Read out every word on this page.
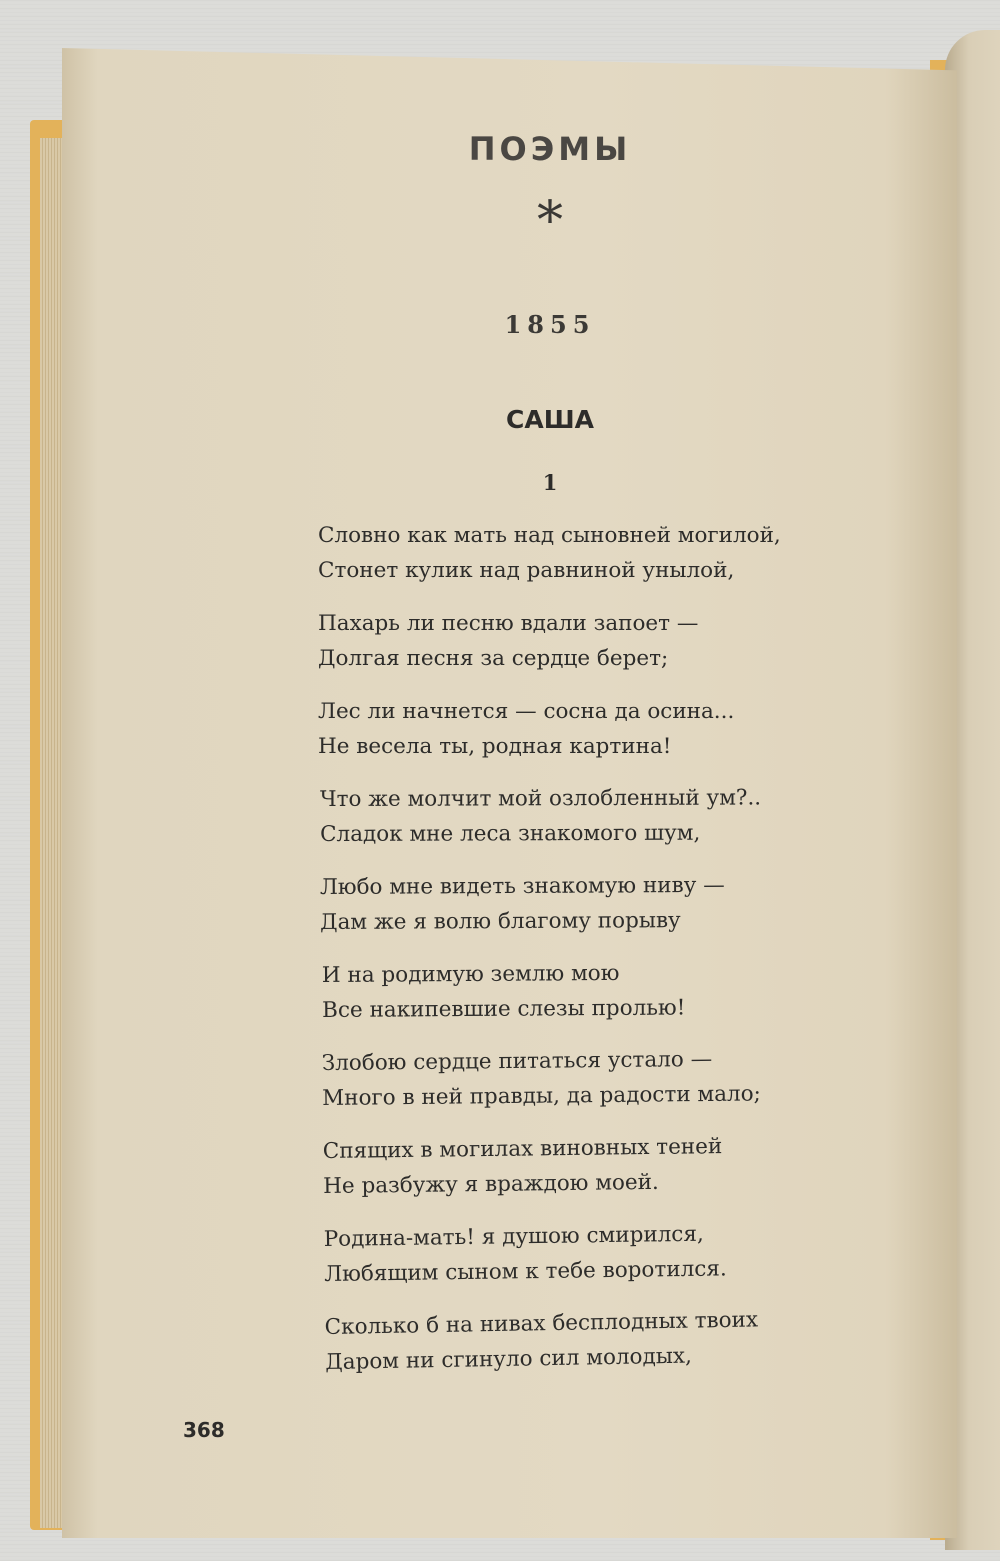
ПОЭМЫ
*
1855
САША
1
Словно как мать над сыновней могилой,
Стонет кулик над равниной унылой,
Пахарь ли песню вдали запоет —
Долгая песня за сердце берет;
Лес ли начнется — сосна да осина...
Не весела ты, родная картина!
Что же молчит мой озлобленный ум?..
Сладок мне леса знакомого шум,
Любо мне видеть знакомую ниву —
Дам же я волю благому порыву
И на родимую землю мою
Все накипевшие слезы пролью!
Злобою сердце питаться устало —
Много в ней правды, да радости мало;
Спящих в могилах виновных теней
Не разбужу я враждою моей.
Родина-мать! я душою смирился,
Любящим сыном к тебе воротился.
Сколько б на нивах бесплодных твоих
Даром ни сгинуло сил молодых,
368
